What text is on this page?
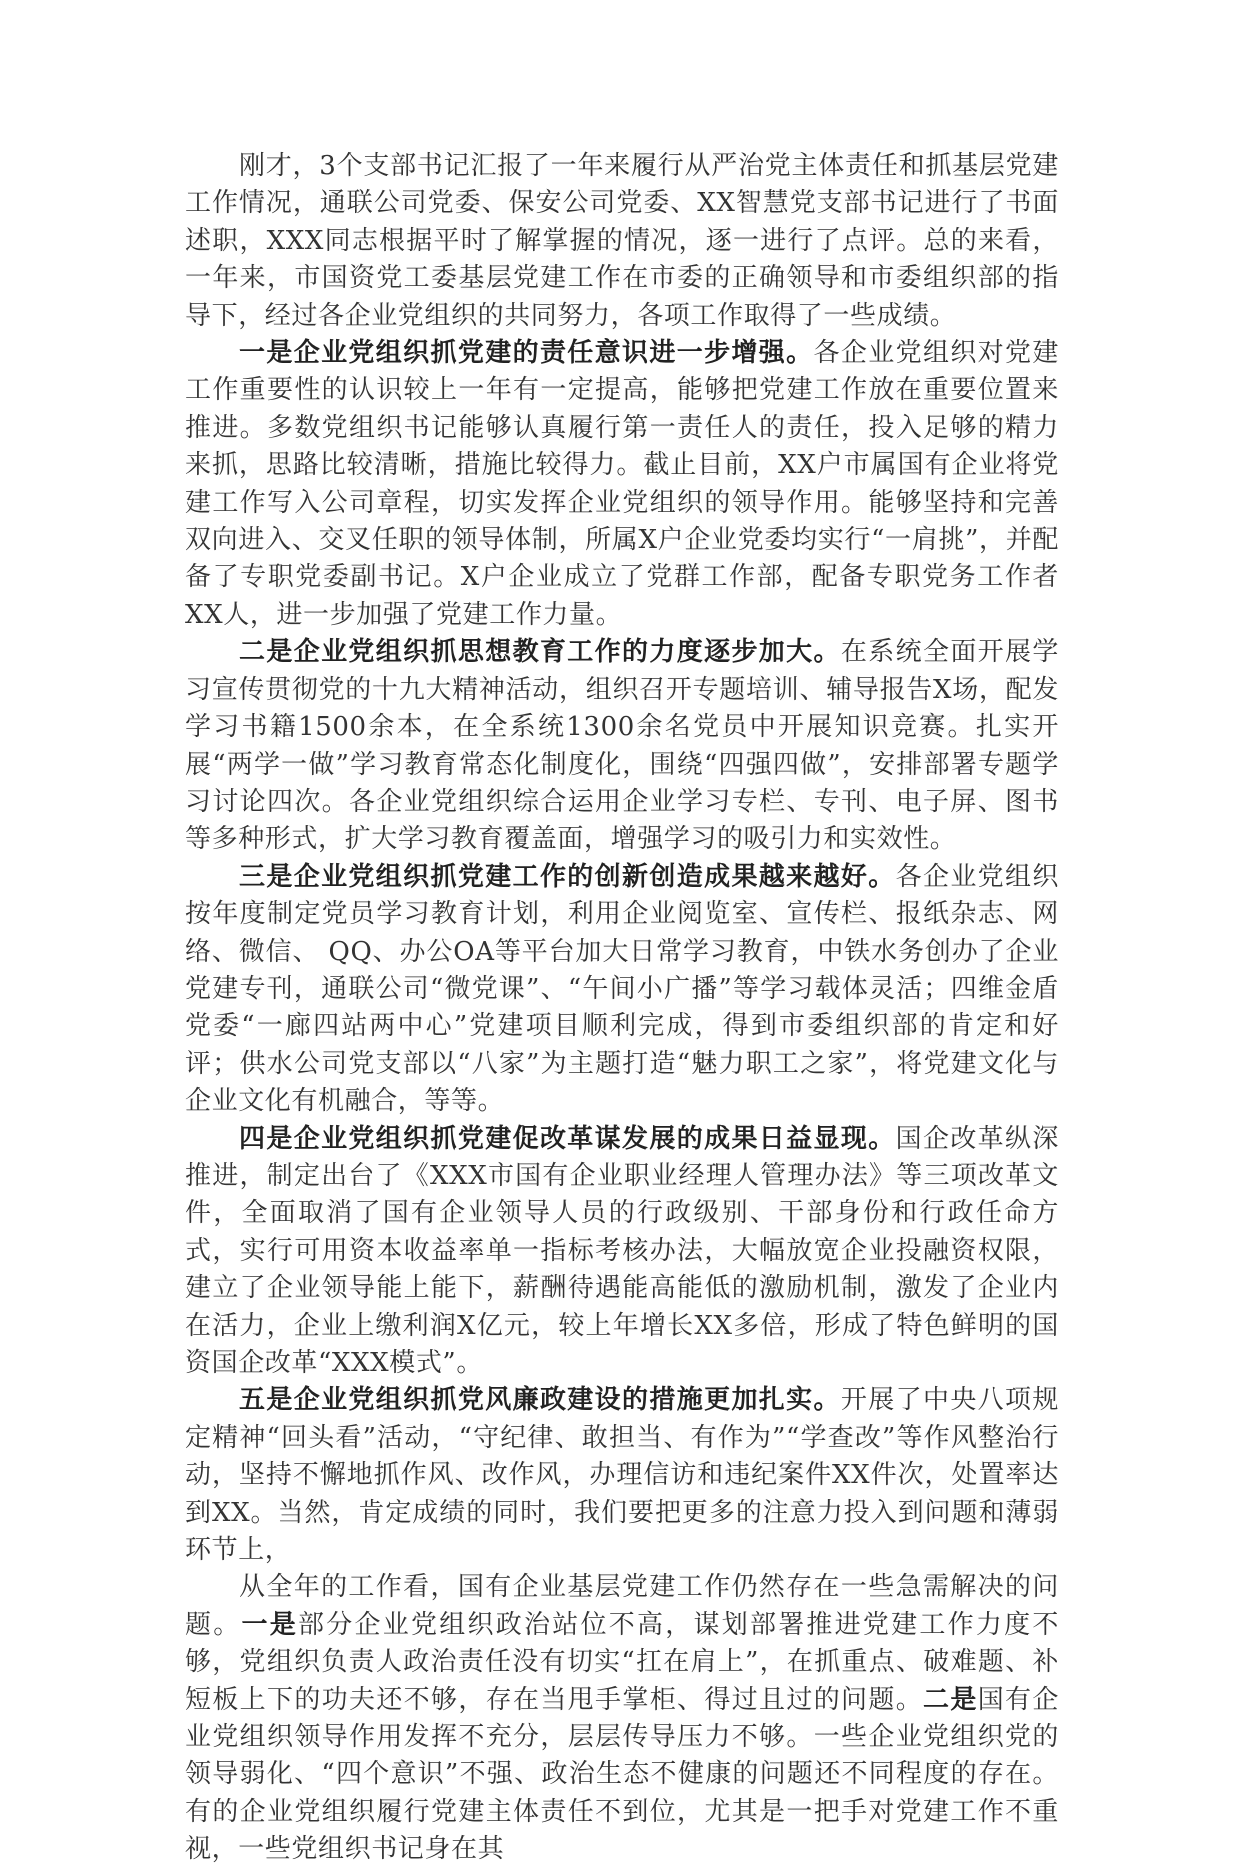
刚才，3个支部书记汇报了一年来履行从严治党主体责任和抓基层党建工作情况，通联公司党委、保安公司党委、XX智慧党支部书记进行了书面述职，XXX同志根据平时了解掌握的情况，逐一进行了点评。总的来看，一年来，市国资党工委基层党建工作在市委的正确领导和市委组织部的指导下，经过各企业党组织的共同努力，各项工作取得了一些成绩。

一是企业党组织抓党建的责任意识进一步增强。各企业党组织对党建工作重要性的认识较上一年有一定提高，能够把党建工作放在重要位置来推进。多数党组织书记能够认真履行第一责任人的责任，投入足够的精力来抓，思路比较清晰，措施比较得力。截止目前，XX户市属国有企业将党建工作写入公司章程，切实发挥企业党组织的领导作用。能够坚持和完善双向进入、交叉任职的领导体制，所属X户企业党委均实行“一肩挑”，并配备了专职党委副书记。X户企业成立了党群工作部，配备专职党务工作者XX人，进一步加强了党建工作力量。

二是企业党组织抓思想教育工作的力度逐步加大。在系统全面开展学习宣传贯彻党的十九大精神活动，组织召开专题培训、辅导报告X场，配发学习书籍1500余本，在全系统1300余名党员中开展知识竞赛。扎实开展“两学一做”学习教育常态化制度化，围绕“四强四做”，安排部署专题学习讨论四次。各企业党组织综合运用企业学习专栏、专刊、电子屏、图书等多种形式，扩大学习教育覆盖面，增强学习的吸引力和实效性。

三是企业党组织抓党建工作的创新创造成果越来越好。各企业党组织按年度制定党员学习教育计划，利用企业阅览室、宣传栏、报纸杂志、网络、微信、 QQ、办公OA等平台加大日常学习教育，中铁水务创办了企业党建专刊，通联公司“微党课”、“午间小广播”等学习载体灵活；四维金盾党委“一廊四站两中心”党建项目顺利完成，得到市委组织部的肯定和好评；供水公司党支部以“八家”为主题打造“魅力职工之家”，将党建文化与企业文化有机融合，等等。

四是企业党组织抓党建促改革谋发展的成果日益显现。国企改革纵深推进，制定出台了《XXX市国有企业职业经理人管理办法》等三项改革文件，全面取消了国有企业领导人员的行政级别、干部身份和行政任命方式，实行可用资本收益率单一指标考核办法，大幅放宽企业投融资权限，建立了企业领导能上能下，薪酬待遇能高能低的激励机制，激发了企业内在活力，企业上缴利润X亿元，较上年增长XX多倍，形成了特色鲜明的国资国企改革“XXX模式”。

五是企业党组织抓党风廉政建设的措施更加扎实。开展了中央八项规定精神“回头看”活动，“守纪律、敢担当、有作为”“学查改”等作风整治行动，坚持不懈地抓作风、改作风，办理信访和违纪案件XX件次，处置率达到XX。当然，肯定成绩的同时，我们要把更多的注意力投入到问题和薄弱环节上，

从全年的工作看，国有企业基层党建工作仍然存在一些急需解决的问题。一是部分企业党组织政治站位不高，谋划部署推进党建工作力度不够，党组织负责人政治责任没有切实“扛在肩上”，在抓重点、破难题、补短板上下的功夫还不够，存在当甩手掌柜、得过且过的问题。二是国有企业党组织领导作用发挥不充分，层层传导压力不够。一些企业党组织党的领导弱化、“四个意识”不强、政治生态不健康的问题还不同程度的存在。有的企业党组织履行党建主体责任不到位，尤其是一把手对党建工作不重视，一些党组织书记身在其
